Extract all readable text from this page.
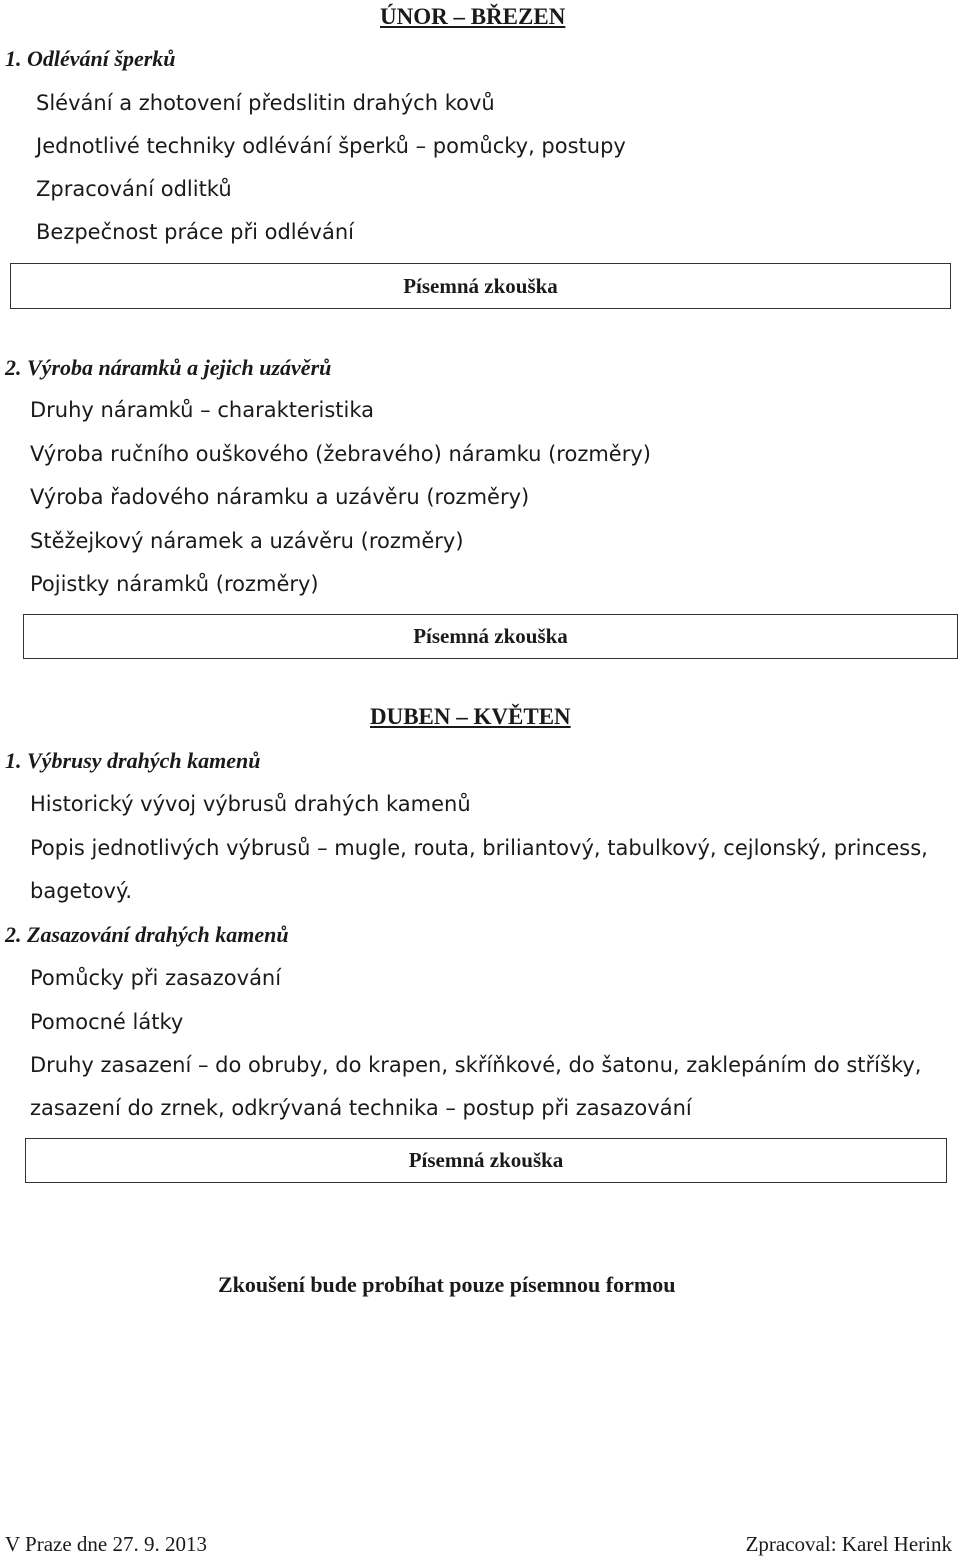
ÚNOR – BŘEZEN
1. Odlévání šperků
Slévání a zhotovení předslitin drahých kovů
Jednotlivé techniky odlévání šperků – pomůcky, postupy
Zpracování odlitků
Bezpečnost práce při odlévání
Písemná zkouška
2. Výroba náramků a jejich uzávěrů
Druhy náramků – charakteristika
Výroba ručního ouškového (žebravého) náramku (rozměry)
Výroba řadového náramku a uzávěru (rozměry)
Stěžejkový náramek a uzávěru (rozměry)
Pojistky náramků (rozměry)
Písemná zkouška
DUBEN – KVĚTEN
1. Výbrusy drahých kamenů
Historický vývoj výbrusů drahých kamenů
Popis jednotlivých výbrusů – mugle, routa, briliantový, tabulkový, cejlonský, princess,
bagetový.
2. Zasazování drahých kamenů
Pomůcky při zasazování
Pomocné látky
Druhy zasazení – do obruby, do krapen, skříňkové, do šatonu, zaklepáním do stříšky,
zasazení do zrnek, odkrývaná technika – postup při zasazování
Písemná zkouška
Zkoušení bude probíhat pouze písemnou formou
V Praze dne 27. 9. 2013	Zpracoval: Karel Herink
